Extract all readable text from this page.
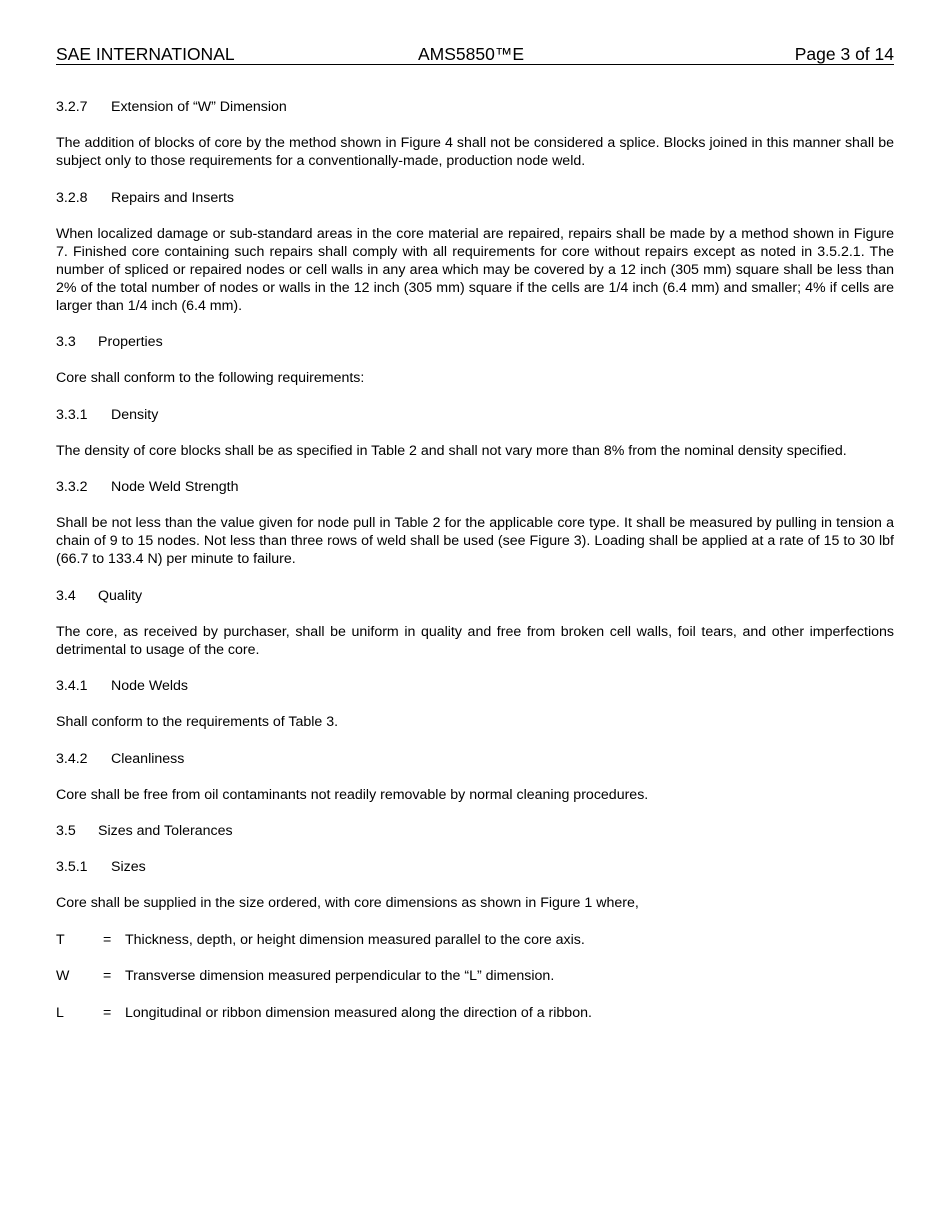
SAE INTERNATIONAL	AMS5850™E	Page 3 of 14
3.2.7 Extension of “W” Dimension

The addition of blocks of core by the method shown in Figure 4 shall not be considered a splice. Blocks joined in this manner shall be subject only to those requirements for a conventionally-made, production node weld.

3.2.8 Repairs and Inserts

When localized damage or sub-standard areas in the core material are repaired, repairs shall be made by a method shown in Figure 7. Finished core containing such repairs shall comply with all requirements for core without repairs except as noted in 3.5.2.1. The number of spliced or repaired nodes or cell walls in any area which may be covered by a 12 inch (305 mm) square shall be less than 2% of the total number of nodes or walls in the 12 inch (305 mm) square if the cells are 1/4 inch (6.4 mm) and smaller; 4% if cells are larger than 1/4 inch (6.4 mm).

3.3 Properties

Core shall conform to the following requirements:

3.3.1 Density

The density of core blocks shall be as specified in Table 2 and shall not vary more than 8% from the nominal density specified.

3.3.2 Node Weld Strength

Shall be not less than the value given for node pull in Table 2 for the applicable core type. It shall be measured by pulling in tension a chain of 9 to 15 nodes. Not less than three rows of weld shall be used (see Figure 3). Loading shall be applied at a rate of 15 to 30 lbf (66.7 to 133.4 N) per minute to failure.

3.4 Quality

The core, as received by purchaser, shall be uniform in quality and free from broken cell walls, foil tears, and other imperfections detrimental to usage of the core.

3.4.1 Node Welds

Shall conform to the requirements of Table 3.

3.4.2 Cleanliness

Core shall be free from oil contaminants not readily removable by normal cleaning procedures.

3.5 Sizes and Tolerances
3.5.1 Sizes

Core shall be supplied in the size ordered, with core dimensions as shown in Figure 1 where,

T	= Thickness, depth, or height dimension measured parallel to the core axis.
W = Transverse dimension measured perpendicular to the “L” dimension.
L	= Longitudinal or ribbon dimension measured along the direction of a ribbon.
